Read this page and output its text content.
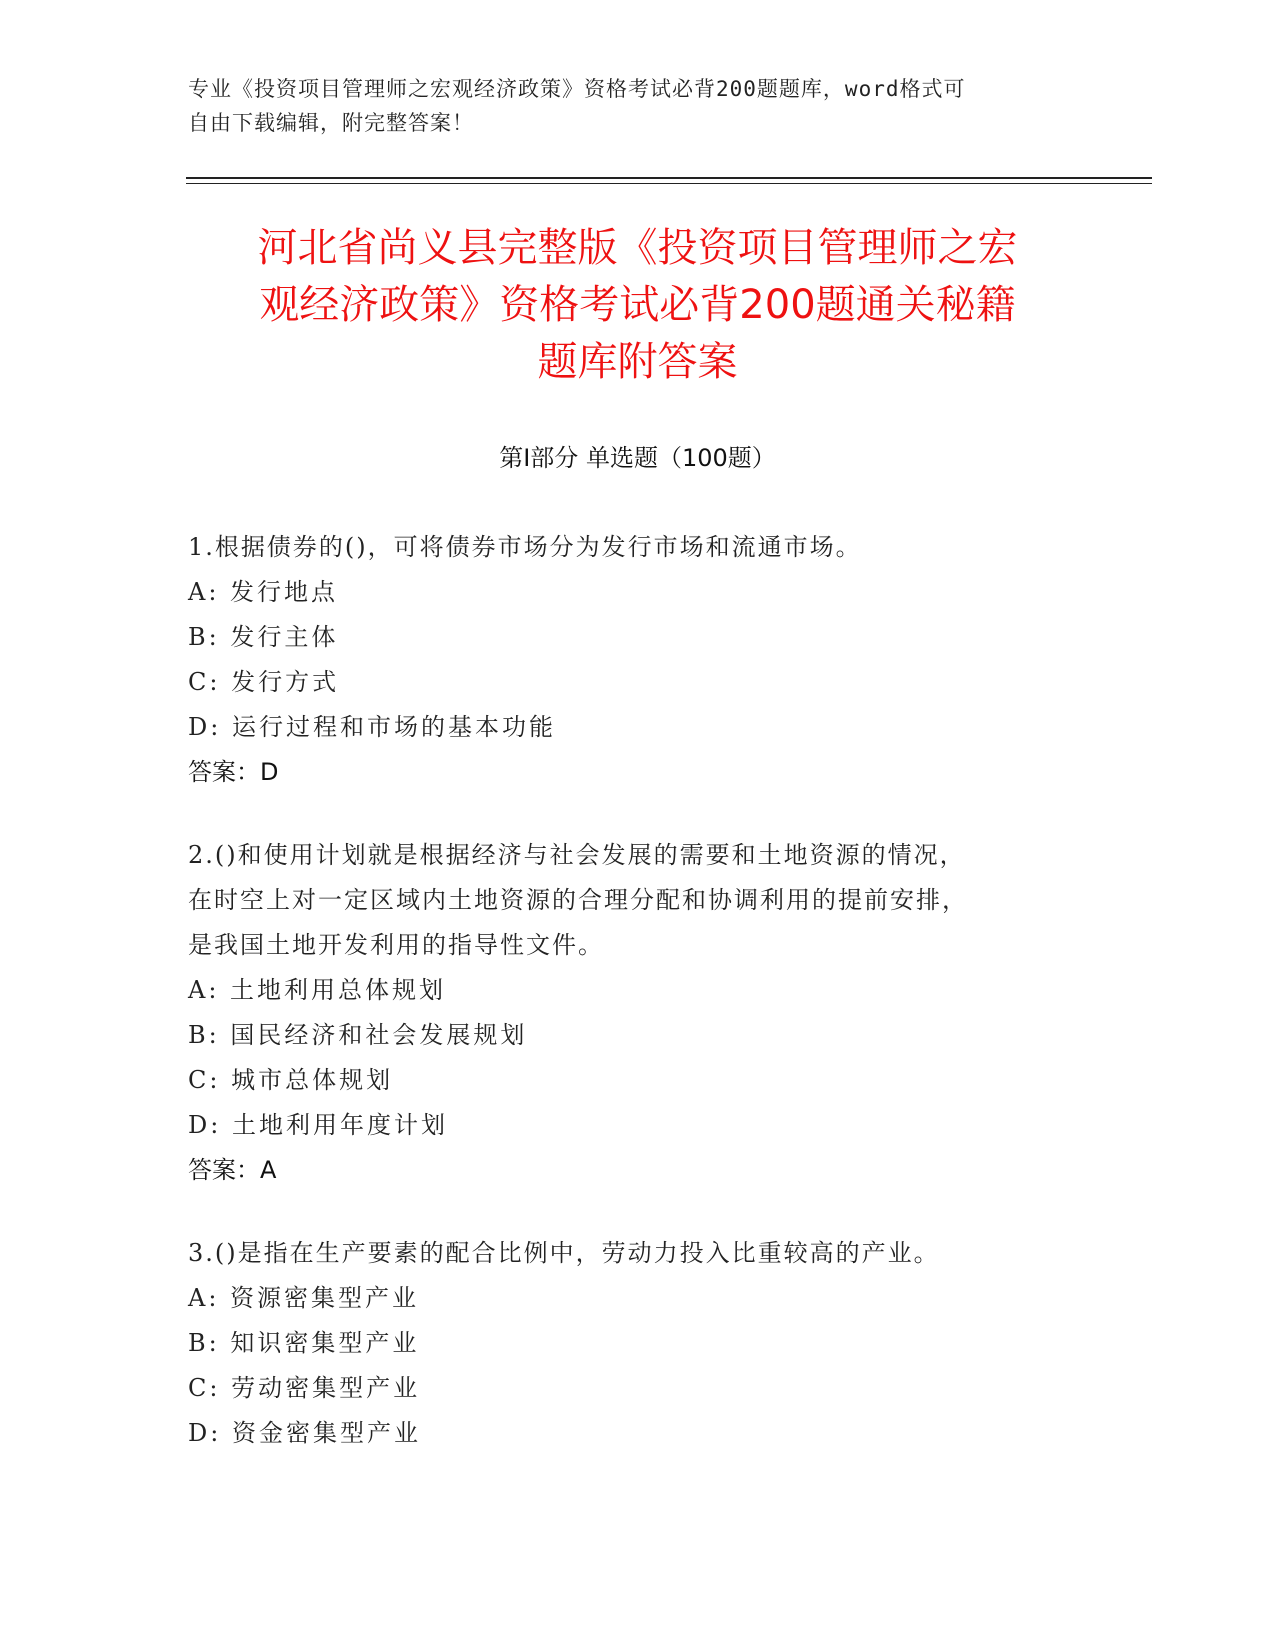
专业《投资项目管理师之宏观经济政策》资格考试必背200题题库，word格式可
自由下载编辑，附完整答案！
河北省尚义县完整版《投资项目管理师之宏
观经济政策》资格考试必背200题通关秘籍
题库附答案
第Ⅰ部分 单选题（100题）
1.根据债券的()，可将债券市场分为发行市场和流通市场。
A: 发行地点
B: 发行主体
C: 发行方式
D: 运行过程和市场的基本功能
答案：D
2.()和使用计划就是根据经济与社会发展的需要和土地资源的情况，
在时空上对一定区域内土地资源的合理分配和协调利用的提前安排，
是我国土地开发利用的指导性文件。
A: 土地利用总体规划
B: 国民经济和社会发展规划
C: 城市总体规划
D: 土地利用年度计划
答案：A
3.()是指在生产要素的配合比例中，劳动力投入比重较高的产业。
A: 资源密集型产业
B: 知识密集型产业
C: 劳动密集型产业
D: 资金密集型产业
